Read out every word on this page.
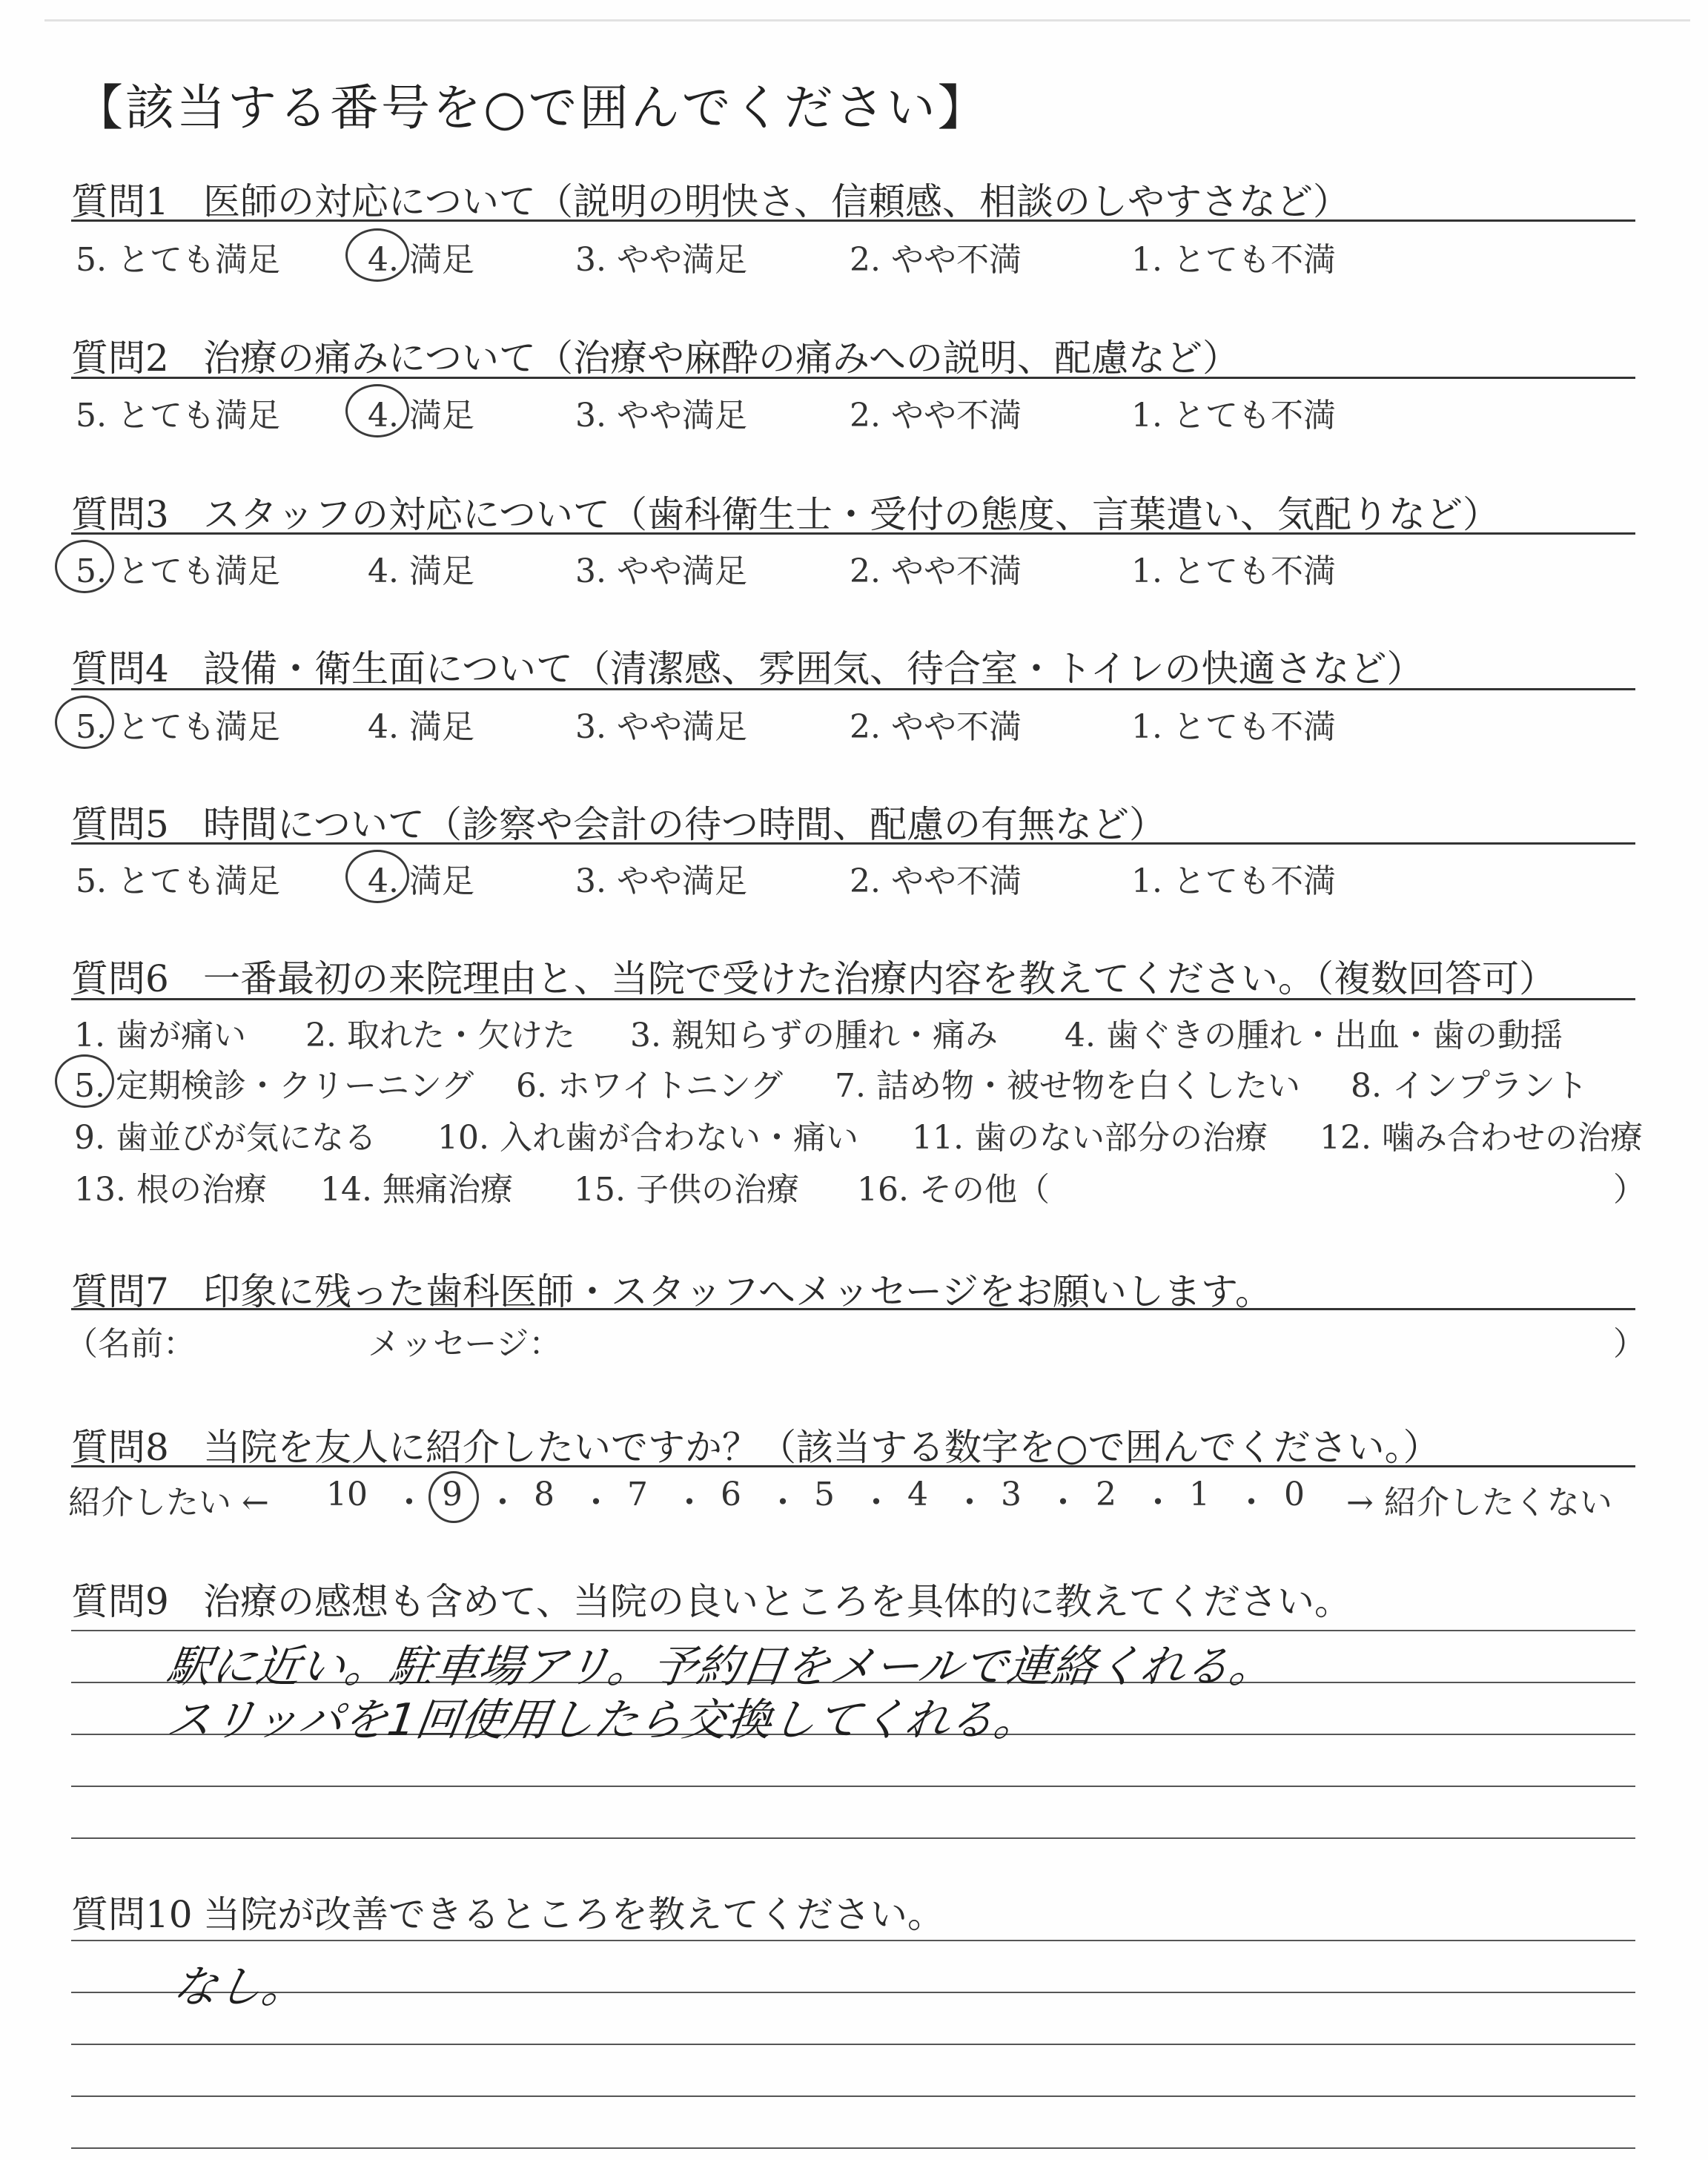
【該当する番号を○で囲んでください】
質問1 医師の対応について（説明の明快さ、信頼感、相談のしやすさなど）
5. とても満足	4. 満足	3. やや満足	2. やや不満	1. とても不満
質問2 治療の痛みについて（治療や麻酔の痛みへの説明、配慮など）
5. とても満足	4. 満足	3. やや満足	2. やや不満	1. とても不満
質問3 スタッフの対応について（歯科衛生士・受付の態度、言葉遣い、気配りなど）
5. とても満足	4. 満足	3. やや満足	2. やや不満	1. とても不満
質問4 設備・衛生面について（清潔感、雰囲気、待合室・トイレの快適さなど）
5. とても満足	4. 満足	3. やや満足	2. やや不満	1. とても不満
質問5 時間について（診察や会計の待つ時間、配慮の有無など）
5. とても満足	4. 満足	3. やや満足	2. やや不満	1. とても不満
質問6 一番最初の来院理由と、当院で受けた治療内容を教えてください。（複数回答可）
1. 歯が痛い 2. 取れた・欠けた 3. 親知らずの腫れ・痛み 4. 歯ぐきの腫れ・出血・歯の動揺
5. 定期検診・クリーニング 6. ホワイトニング 7. 詰め物・被せ物を白くしたい 8. インプラント
9. 歯並びが気になる 10. 入れ歯が合わない・痛い 11. 歯のない部分の治療 12. 噛み合わせの治療
13. 根の治療 14. 無痛治療 15. 子供の治療 16. その他（	）
質問7 印象に残った歯科医師・スタッフへメッセージをお願いします。
（名前：	メッセージ：	）
質問8 当院を友人に紹介したいですか？（該当する数字を○で囲んでください。）
紹介したい ← 10 ・ 9 ・ 8 ・ 7 ・ 6 ・ 5 ・ 4 ・ 3 ・ 2 ・ 1 ・ 0 → 紹介したくない
質問9 治療の感想も含めて、当院の良いところを具体的に教えてください。
駅に近い。駐車場アリ。予約日をメールで連絡くれる。
スリッパを1回使用したら交換してくれる。
質問10 当院が改善できるところを教えてください。
なし。
